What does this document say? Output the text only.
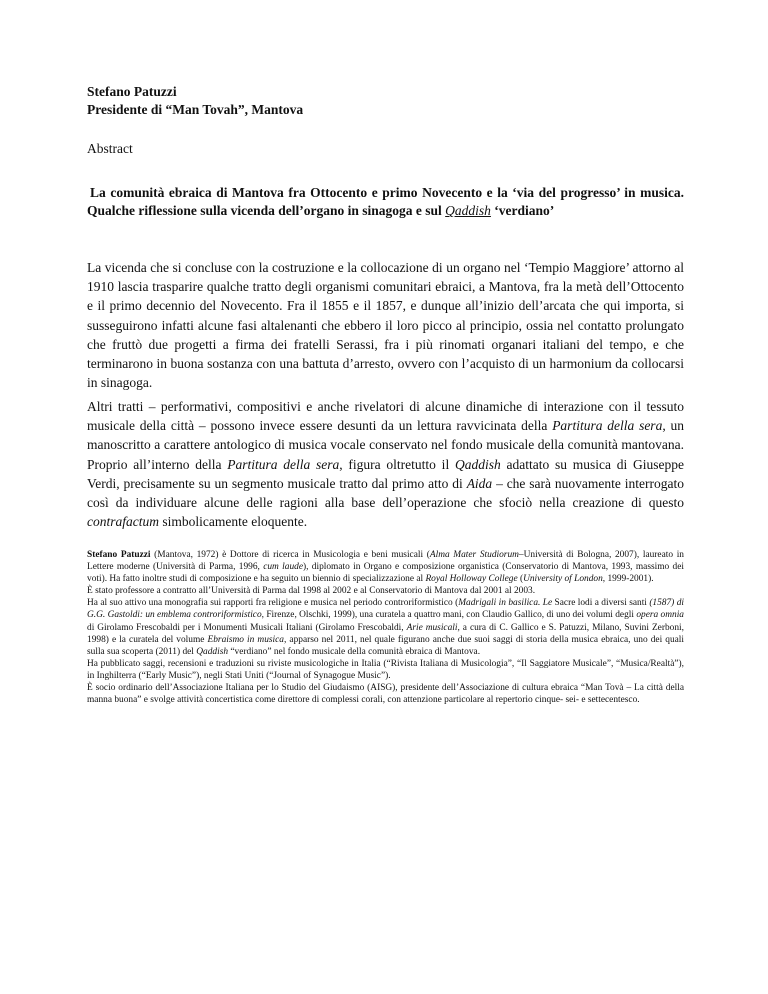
Stefano Patuzzi
Presidente di “Man Tovah”, Mantova
Abstract
La comunità ebraica di Mantova fra Ottocento e primo Novecento e la ‘via del progresso’ in musica. Qualche riflessione sulla vicenda dell’organo in sinagoga e sul Qaddish ‘verdiano’

La vicenda che si concluse con la costruzione e la collocazione di un organo nel ‘Tempio Maggiore’ attorno al 1910 lascia trasparire qualche tratto degli organismi comunitari ebraici, a Mantova, fra la metà dell’Ottocento e il primo decennio del Novecento. Fra il 1855 e il 1857, e dunque all’inizio dell’arcata che qui importa, si susseguirono infatti alcune fasi altalenanti che ebbero il loro picco al principio, ossia nel contatto prolungato che fruttò due progetti a firma dei fratelli Serassi, fra i più rinomati organari italiani del tempo, e che terminarono in buona sostanza con una battuta d’arresto, ovvero con l’acquisto di un harmonium da collocarsi in sinagoga.

Altri tratti – performativi, compositivi e anche rivelatori di alcune dinamiche di interazione con il tessuto musicale della città – possono invece essere desunti da un lettura ravvicinata della Partitura della sera, un manoscritto a carattere antologico di musica vocale conservato nel fondo musicale della comunità mantovana. Proprio all’interno della Partitura della sera, figura oltretutto il Qaddish adattato su musica di Giuseppe Verdi, precisamente su un segmento musicale tratto dal primo atto di Aida – che sarà nuovamente interrogato così da individuare alcune delle ragioni alla base dell’operazione che sfociò nella creazione di questo contrafactum simbolicamente eloquente.

Stefano Patuzzi (Mantova, 1972) è Dottore di ricerca in Musicologia e beni musicali (Alma Mater Studiorum–Università di Bologna, 2007), laureato in Lettere moderne (Università di Parma, 1996, cum laude), diplomato in Organo e composizione organistica (Conservatorio di Mantova, 1993, massimo dei voti). Ha fatto inoltre studi di composizione e ha seguito un biennio di specializzazione al Royal Holloway College (University of London, 1999-2001).

È stato professore a contratto all’Università di Parma dal 1998 al 2002 e al Conservatorio di Mantova dal 2001 al 2003.

Ha al suo attivo una monografia sui rapporti fra religione e musica nel periodo controriformistico (Madrigali in basilica. Le Sacre lodi a diversi santi (1587) di G.G. Gastoldi: un emblema controriformistico, Firenze, Olschki, 1999), una curatela a quattro mani, con Claudio Gallico, di uno dei volumi degli opera omnia di Girolamo Frescobaldi per i Monumenti Musicali Italiani (Girolamo Frescobaldi, Arie musicali, a cura di C. Gallico e S. Patuzzi, Milano, Suvini Zerboni, 1998) e la curatela del volume Ebraismo in musica, apparso nel 2011, nel quale figurano anche due suoi saggi di storia della musica ebraica, uno dei quali sulla sua scoperta (2011) del Qaddish “verdiano” nel fondo musicale della comunità ebraica di Mantova.

Ha pubblicato saggi, recensioni e traduzioni su riviste musicologiche in Italia (“Rivista Italiana di Musicologia”, “Il Saggiatore Musicale”, “Musica/Realtà”), in Inghilterra (“Early Music”), negli Stati Uniti (“Journal of Synagogue Music”).

È socio ordinario dell’Associazione Italiana per lo Studio del Giudaismo (AISG), presidente dell’Associazione di cultura ebraica “Man Tovà – La città della manna buona” e svolge attività concertistica come direttore di complessi corali, con attenzione particolare al repertorio cinque- sei- e settecentesco.
